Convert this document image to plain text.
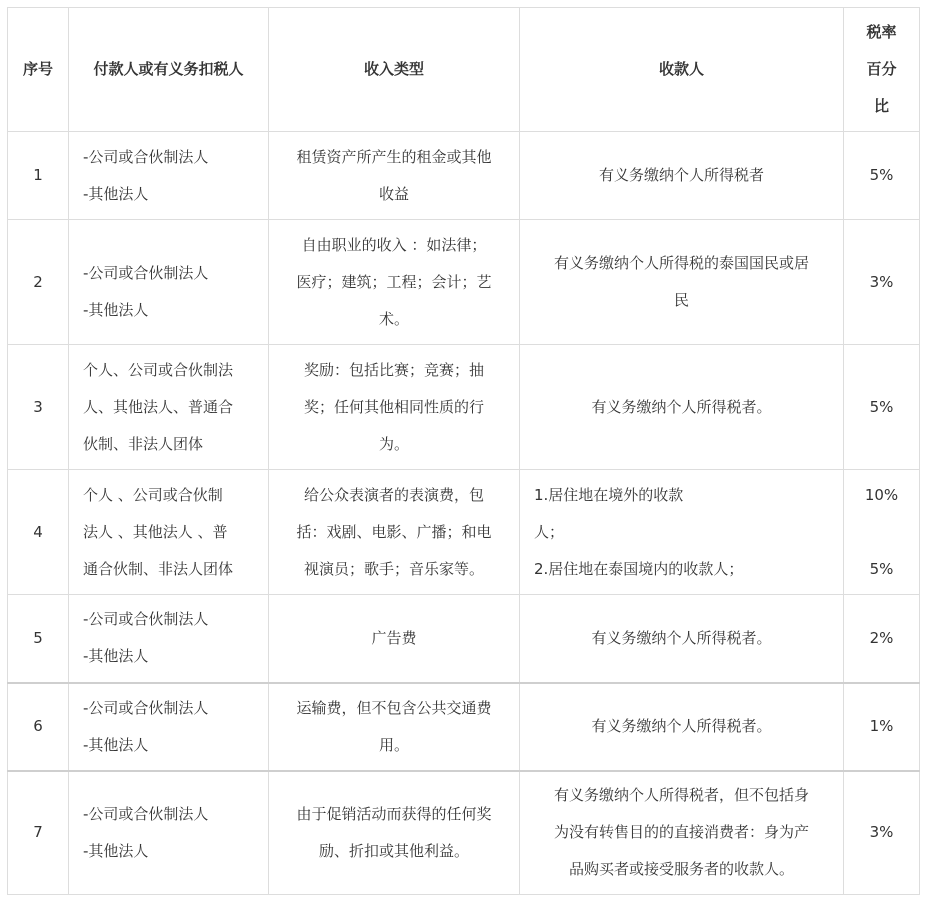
序号	付款人或有义务扣税人	收入类型	收款人	税率
百分
比

1	-公司或合伙制法人
-其他法人	租赁资产所产生的租金或其他
收益	有义务缴纳个人所得税者	5%

2	-公司或合伙制法人
-其他法人	自由职业的收入 ：如法律；
医疗；建筑；工程；会计；艺
术。	有义务缴纳个人所得税的泰国国民或居
民	3%

3	个人、公司或合伙制法
人、其他法人、普通合
伙制、非法人团体	奖励：包括比赛；竞赛；抽
奖；任何其他相同性质的行
为。	有义务缴纳个人所得税者。	5%

4	个人 、公司或合伙制
法人 、其他法人 、普
通合伙制、非法人团体	给公众表演者的表演费，包
括：戏剧、电影、广播；和电
视演员；歌手；音乐家等。	1.居住地在境外的收款
人；
2.居住地在泰国境内的收款人；	10%
5%

5	-公司或合伙制法人
-其他法人	广告费	有义务缴纳个人所得税者。	2%

6	-公司或合伙制法人
-其他法人	运输费，但不包含公共交通费
用。	有义务缴纳个人所得税者。	1%

7	-公司或合伙制法人
-其他法人	由于促销活动而获得的任何奖
励、折扣或其他利益。	有义务缴纳个人所得税者，但不包括身
为没有转售目的的直接消费者：身为产
品购买者或接受服务者的收款人。	3%
